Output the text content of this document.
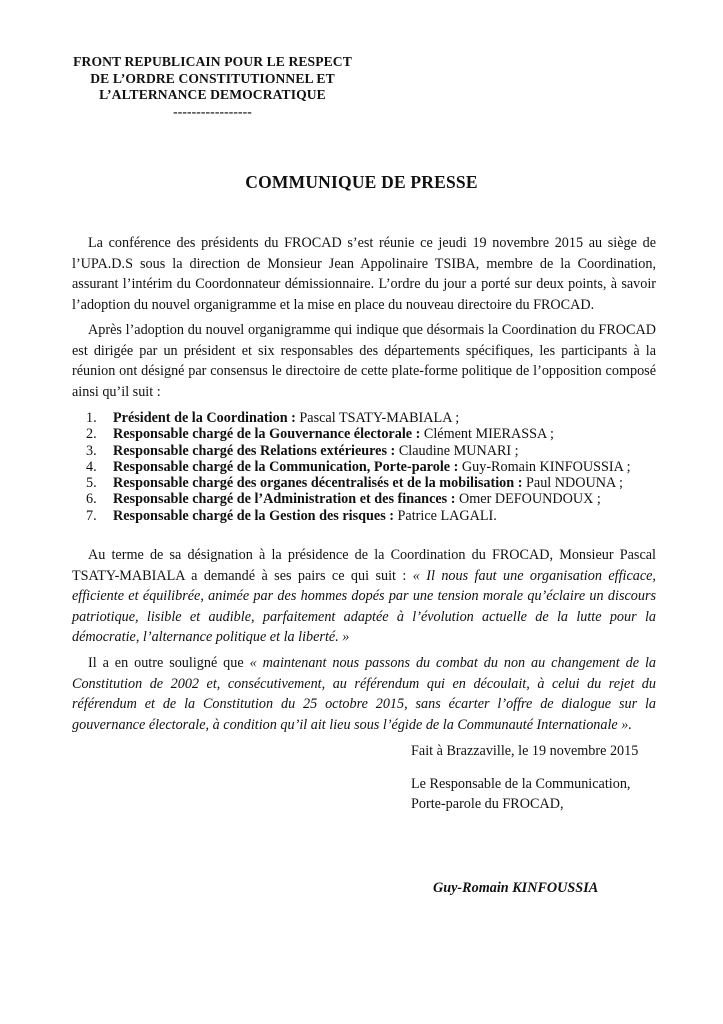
FRONT REPUBLICAIN POUR LE RESPECT
DE L’ORDRE CONSTITUTIONNEL ET
L’ALTERNANCE DEMOCRATIQUE
-----------------
COMMUNIQUE DE PRESSE

La conférence des présidents du FROCAD s’est réunie ce jeudi 19 novembre 2015 au siège de l’UPA.D.S sous la direction de Monsieur Jean Appolinaire TSIBA, membre de la Coordination, assurant l’intérim du Coordonnateur démissionnaire. L’ordre du jour a porté sur deux points, à savoir l’adoption du nouvel organigramme et la mise en place du nouveau directoire du FROCAD.

Après l’adoption du nouvel organigramme qui indique que désormais la Coordination du FROCAD est dirigée par un président et six responsables des départements spécifiques, les participants à la réunion ont désigné par consensus le directoire de cette plate-forme politique de l’opposition composé ainsi qu’il suit :

1.	Président de la Coordination : Pascal TSATY-MABIALA ;
2.	Responsable chargé de la Gouvernance électorale : Clément MIERASSA ;
3.	Responsable chargé des Relations extérieures : Claudine MUNARI ;
4.	Responsable chargé de la Communication, Porte-parole : Guy-Romain KINFOUSSIA ;
5.	Responsable chargé des organes décentralisés et de la mobilisation : Paul NDOUNA ;
6.	Responsable chargé de l’Administration et des finances : Omer DEFOUNDOUX ;
7.	Responsable chargé de la Gestion des risques : Patrice LAGALI.

Au terme de sa désignation à la présidence de la Coordination du FROCAD, Monsieur Pascal TSATY-MABIALA a demandé à ses pairs ce qui suit : « Il nous faut une organisation efficace, efficiente et équilibrée, animée par des hommes dopés par une tension morale qu’éclaire un discours patriotique, lisible et audible, parfaitement adaptée à l’évolution actuelle de la lutte pour la démocratie, l’alternance politique et la liberté. »

Il a en outre souligné que « maintenant nous passons du combat du non au changement de la Constitution de 2002 et, consécutivement, au référendum qui en découlait, à celui du rejet du référendum et de la Constitution du 25 octobre 2015, sans écarter l’offre de dialogue sur la gouvernance électorale, à condition qu’il ait lieu sous l’égide de la Communauté Internationale ».

Fait à Brazzaville, le 19 novembre 2015
Le Responsable de la Communication,
Porte-parole du FROCAD,
Guy-Romain KINFOUSSIA
